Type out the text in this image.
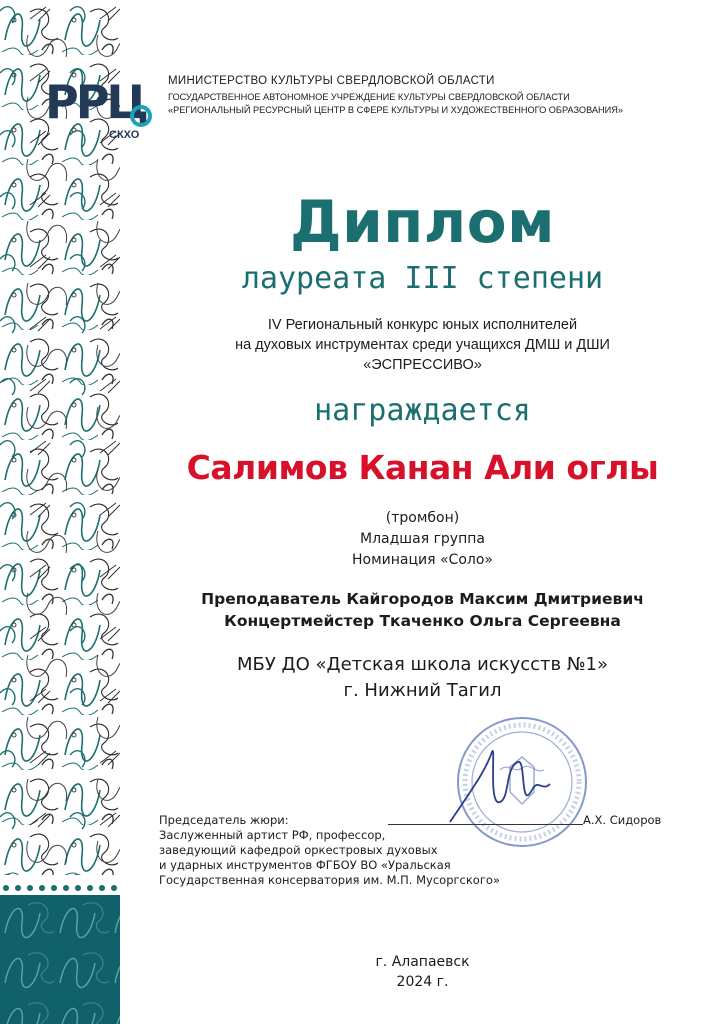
РРЦ
СКХО

МИНИСТЕРСТВО КУЛЬТУРЫ СВЕРДЛОВСКОЙ ОБЛАСТИ

ГОСУДАРСТВЕННОЕ АВТОНОМНОЕ УЧРЕЖДЕНИЕ КУЛЬТУРЫ СВЕРДЛОВСКОЙ ОБЛАСТИ

«РЕГИОНАЛЬНЫЙ РЕСУРСНЫЙ ЦЕНТР В СФЕРЕ КУЛЬТУРЫ И ХУДОЖЕСТВЕННОГО ОБРАЗОВАНИЯ»

Диплом

лауреата III степени

IV Региональный конкурс юных исполнителей
на духовых инструментах среди учащихся ДМШ и ДШИ
«ЭСПРЕССИВО»

награждается

Салимов Канан Али оглы

(тромбон)
Младшая группа
Номинация «Соло»
Преподаватель Кайгородов Максим Дмитриевич
Концертмейстер Ткаченко Ольга Сергеевна
МБУ ДО «Детская школа искусств №1»
г. Нижний Тагил
Председатель жюри:
Заслуженный артист РФ, профессор,
заведующий кафедрой оркестровых духовых
и ударных инструментов ФГБОУ ВО «Уральская
Государственная консерватория им. М.П. Мусоргского»
А.Х. Сидоров
г. Алапаевск
2024 г.
